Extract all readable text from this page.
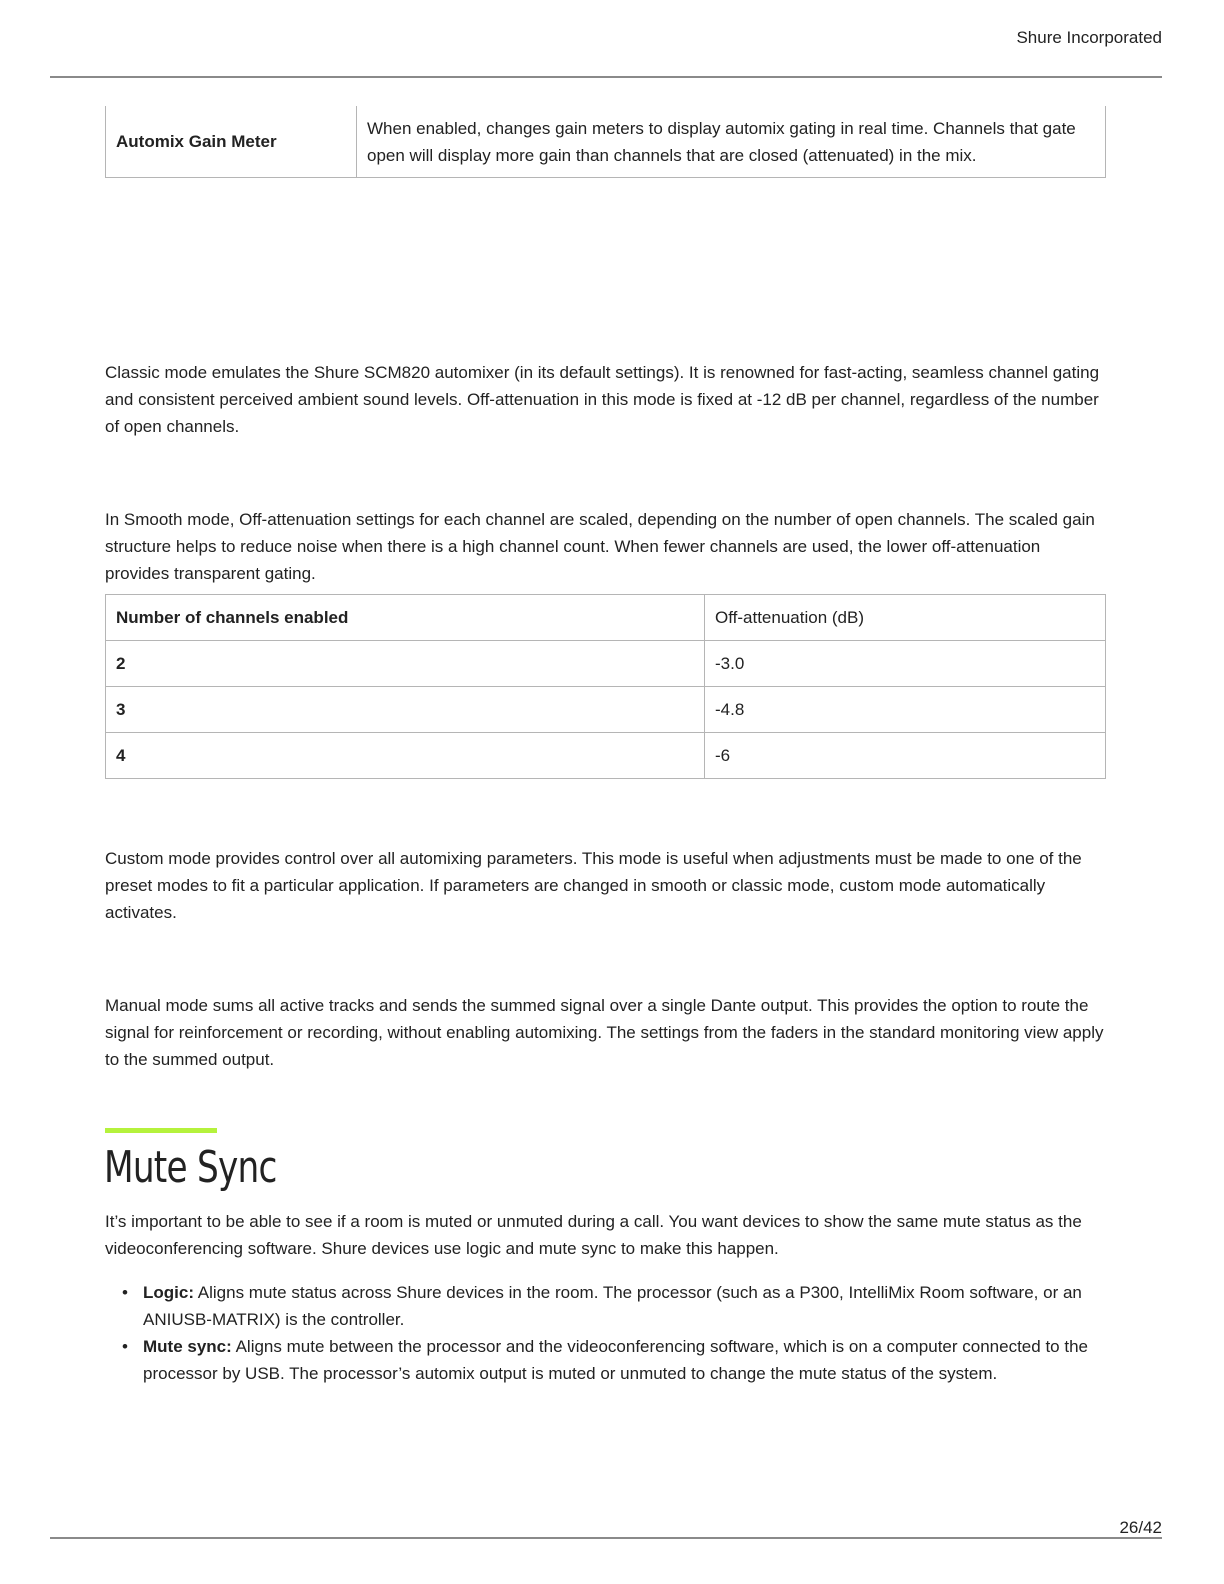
Shure Incorporated
Automix Gain Meter	When enabled, changes gain meters to display automix gating in real time. Channels that gate open will display more gain than channels that are closed (attenuated) in the mix.

Classic mode emulates the Shure SCM820 automixer (in its default settings). It is renowned for fast-acting, seamless channel gating and consistent perceived ambient sound levels. Off-attenuation in this mode is fixed at -12 dB per channel, regardless of the number of open channels.

In Smooth mode, Off-attenuation settings for each channel are scaled, depending on the number of open channels. The scaled gain structure helps to reduce noise when there is a high channel count. When fewer channels are used, the lower off-attenuation provides transparent gating.

Number of channels enabled	Off-attenuation (dB)
2	-3.0
3	-4.8
4	-6

Custom mode provides control over all automixing parameters. This mode is useful when adjustments must be made to one of the preset modes to fit a particular application. If parameters are changed in smooth or classic mode, custom mode automatically activates.

Manual mode sums all active tracks and sends the summed signal over a single Dante output. This provides the option to route the signal for reinforcement or recording, without enabling automixing. The settings from the faders in the standard monitoring view apply to the summed output.

Mute Sync

It’s important to be able to see if a room is muted or unmuted during a call. You want devices to show the same mute status as the videoconferencing software. Shure devices use logic and mute sync to make this happen.

• Logic: Aligns mute status across Shure devices in the room. The processor (such as a P300, IntelliMix Room software, or an ANIUSB-MATRIX) is the controller.
• Mute sync: Aligns mute between the processor and the videoconferencing software, which is on a computer connected to the processor by USB. The processor’s automix output is muted or unmuted to change the mute status of the system.
26/42
